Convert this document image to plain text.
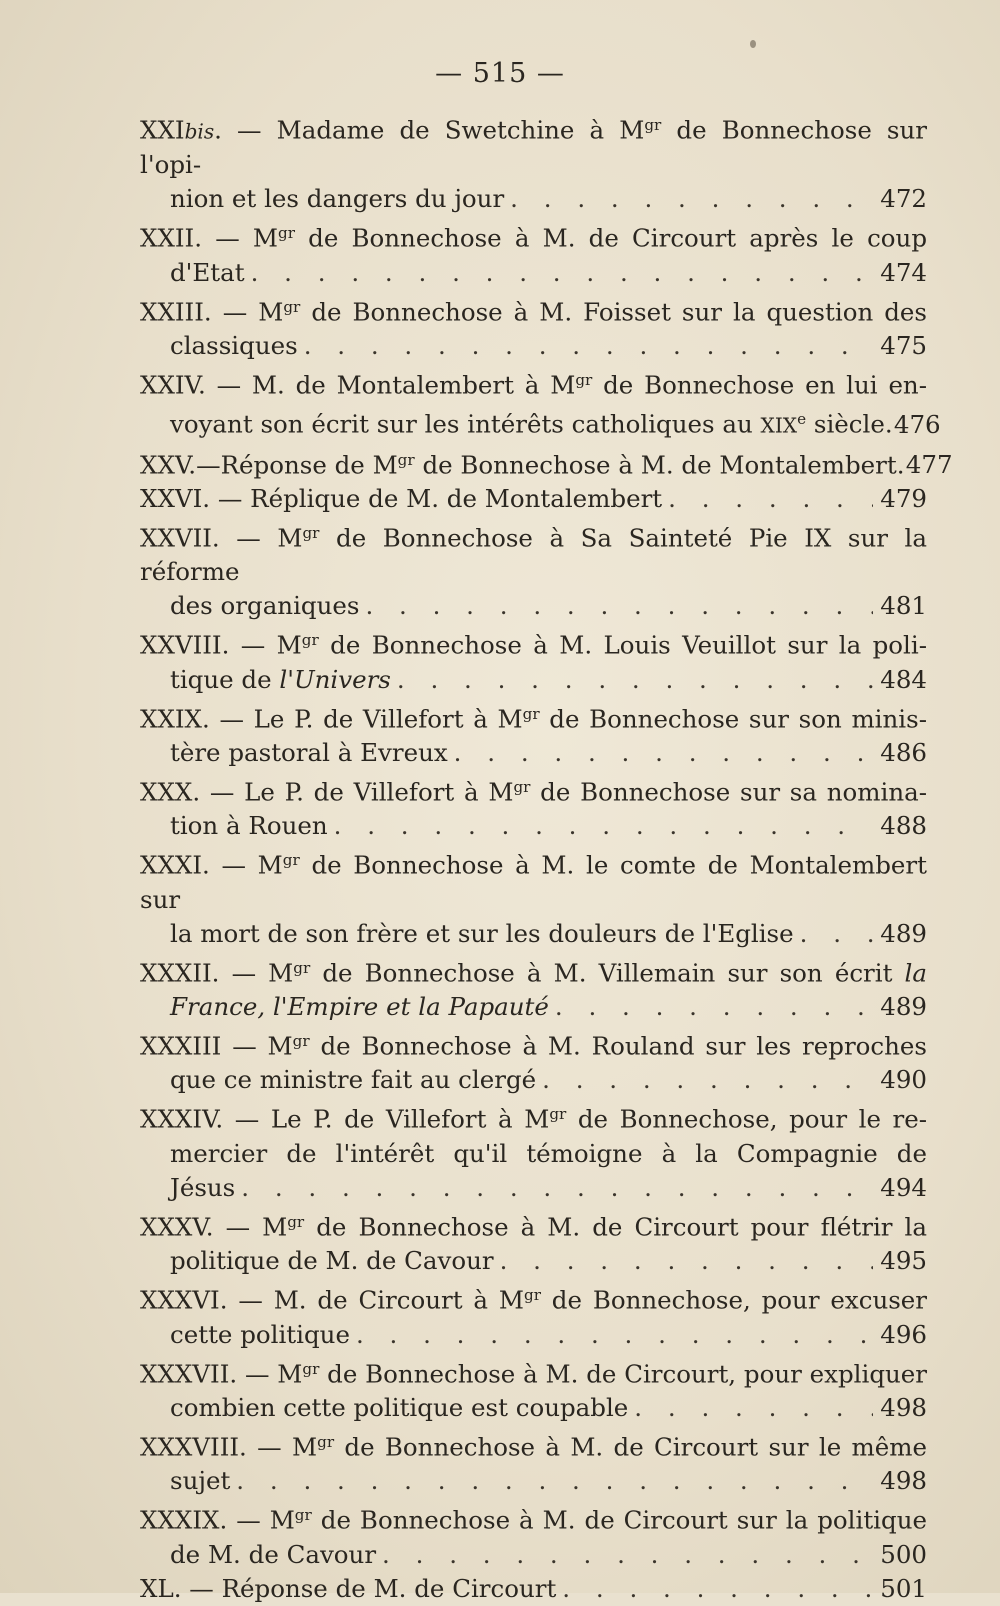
— 515 —
XXIbis. — Madame de Swetchine à $M^{gr}$ de Bonnechose sur l'opi-
nion et les dangers du jour . . .	472
XXII. — $M^{gr}$ de Bonnechose à M. de Circourt après le coup
d'Etat . . .	474
XXIII. — $M^{gr}$ de Bonnechose à M. Foisset sur la question des
classiques . . .	475
XXIV. — M. de Montalembert à $M^{gr}$ de Bonnechose en lui en-
voyant son écrit sur les intérêts catholiques au XIXe siècle. 476
XXV.—Réponse de $M^{gr}$ de Bonnechose à M. de Montalembert. 477
XXVI. — Réplique de M. de Montalembert . . .	479
XXVII. — $M^{gr}$ de Bonnechose à Sa Sainteté Pie IX sur la réforme
des organiques . . .	481
XXVIII. — $M^{gr}$ de Bonnechose à M. Louis Veuillot sur la poli-
tique de l'Univers . . .	484
XXIX. — Le P. de Villefort à $M^{gr}$ de Bonnechose sur son minis-
tère pastoral à Evreux . . .	486
XXX. — Le P. de Villefort à $M^{gr}$ de Bonnechose sur sa nomina-
tion à Rouen . . .	488
XXXI. — $M^{gr}$ de Bonnechose à M. le comte de Montalembert sur
la mort de son frère et sur les douleurs de l'Eglise . . .	489
XXXII. — $M^{gr}$ de Bonnechose à M. Villemain sur son écrit la
France, l'Empire et la Papauté . . .	489
XXXIII — $M^{gr}$ de Bonnechose à M. Rouland sur les reproches
que ce ministre fait au clergé . . .	490
XXXIV. — Le P. de Villefort à $M^{gr}$ de Bonnechose, pour le re-
mercier de l'intérêt qu'il témoigne à la Compagnie de
Jésus . . .	494
XXXV. — $M^{gr}$ de Bonnechose à M. de Circourt pour flétrir la
politique de M. de Cavour . . .	495
XXXVI. — M. de Circourt à $M^{gr}$ de Bonnechose, pour excuser
cette politique . . .	496
XXXVII. — $M^{gr}$ de Bonnechose à M. de Circourt, pour expliquer
combien cette politique est coupable . . .	498
XXXVIII. — $M^{gr}$ de Bonnechose à M. de Circourt sur le même
sujet . . .	498
XXXIX. — $M^{gr}$ de Bonnechose à M. de Circourt sur la politique
de M. de Cavour . . .	500
XL. — Réponse de M. de Circourt . . .	501
